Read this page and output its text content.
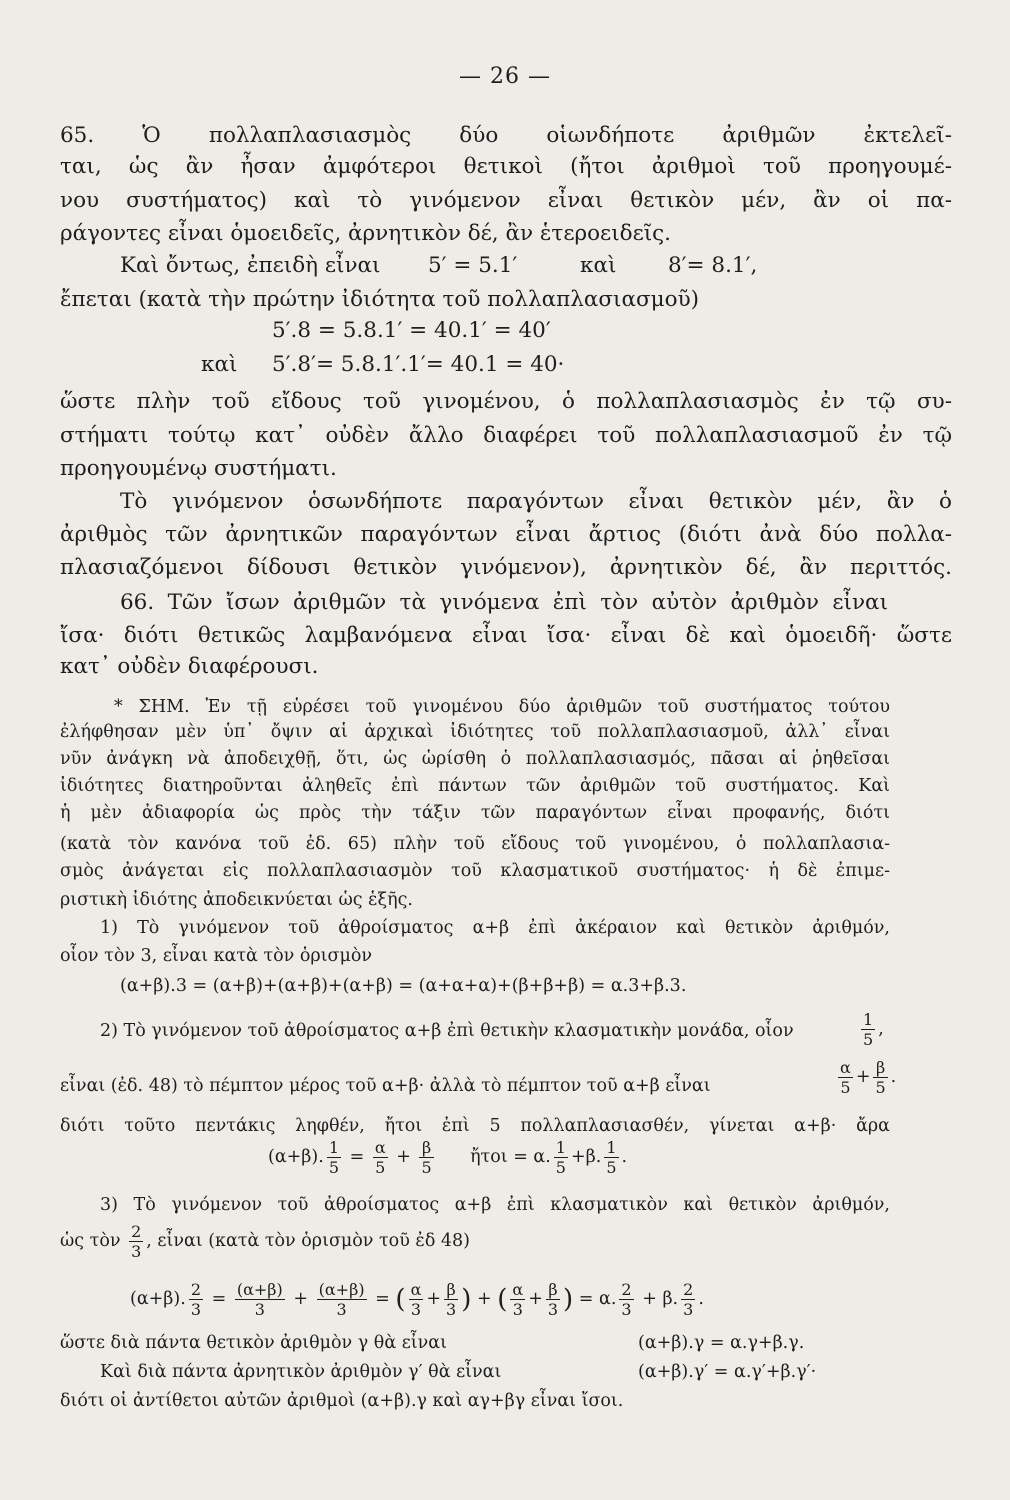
— 26 —
65. Ὁ πολλαπλασιασμὸς δύο οἱωνδήποτε ἀριθμῶν ἐκτελεῖ-
ται, ὡς ἂν ἦσαν ἀμφότεροι θετικοὶ (ἤτοι ἀριθμοὶ τοῦ προηγουμέ-
νου συστήματος) καὶ τὸ γινόμενον εἶναι θετικὸν μέν, ἂν οἱ πα-
ράγοντες εἶναι ὁμοειδεῖς, ἀρνητικὸν δέ, ἂν ἑτεροειδεῖς.
Καὶ ὄντως, ἐπειδὴ εἶναι 5′ = 5.1′	καὶ 8′= 8.1′,
ἔπεται (κατὰ τὴν πρώτην ἰδιότητα τοῦ πολλαπλασιασμοῦ)
5′.8 = 5.8.1′ = 40.1′ = 40′
καὶ 5′.8′= 5.8.1′.1′= 40.1 = 40·
ὥστε πλὴν τοῦ εἴδους τοῦ γινομένου, ὁ πολλαπλασιασμὸς ἐν τῷ συ-
στήματι τούτῳ κατ᾽ οὐδὲν ἄλλο διαφέρει τοῦ πολλαπλασιασμοῦ ἐν τῷ
προηγουμένῳ συστήματι.
Τὸ γινόμενον ὁσωνδήποτε παραγόντων εἶναι θετικὸν μέν, ἂν ὁ
ἀριθμὸς τῶν ἀρνητικῶν παραγόντων εἶναι ἄρτιος (διότι ἀνὰ δύο πολλα-
πλασιαζόμενοι δίδουσι θετικὸν γινόμενον), ἀρνητικὸν δέ, ἂν περιττός.
66. Τῶν ἴσων ἀριθμῶν τὰ γινόμενα ἐπὶ τὸν αὐτὸν ἀριθμὸν εἶναι
ἴσα· διότι θετικῶς λαμβανόμενα εἶναι ἴσα· εἶναι δὲ καὶ ὁμοειδῆ· ὥστε
κατ᾽ οὐδὲν διαφέρουσι.
* ΣΗΜ. Ἐν τῇ εὑρέσει τοῦ γινομένου δύο ἀριθμῶν τοῦ συστήματος τούτου
ἐλήφθησαν μὲν ὑπ᾽ ὄψιν αἱ ἀρχικαὶ ἰδιότητες τοῦ πολλαπλασιασμοῦ, ἀλλ᾽ εἶναι
νῦν ἀνάγκη νὰ ἀποδειχθῇ, ὅτι, ὡς ὡρίσθη ὁ πολλαπλασιασμός, πᾶσαι αἱ ῥηθεῖσαι
ἰδιότητες διατηροῦνται ἀληθεῖς ἐπὶ πάντων τῶν ἀριθμῶν τοῦ συστήματος. Καὶ
ἡ μὲν ἀδιαφορία ὡς πρὸς τὴν τάξιν τῶν παραγόντων εἶναι προφανής, διότι
(κατὰ τὸν κανόνα τοῦ ἐδ. 65) πλὴν τοῦ εἴδους τοῦ γινομένου, ὁ πολλαπλασια-
σμὸς ἀνάγεται εἰς πολλαπλασιασμὸν τοῦ κλασματικοῦ συστήματος· ἡ δὲ ἐπιμε-
ριστικὴ ἰδιότης ἀποδεικνύεται ὡς ἑξῆς.
1) Τὸ γινόμενον τοῦ ἀθροίσματος α+β ἐπὶ ἀκέραιον καὶ θετικὸν ἀριθμόν,
οἷον τὸν 3, εἶναι κατὰ τὸν ὁρισμὸν
(α+β).3 = (α+β)+(α+β)+(α+β) = (α+α+α)+(β+β+β) = α.3+β.3.
2) Τὸ γινόμενον τοῦ ἀθροίσματος α+β ἐπὶ θετικὴν κλασματικὴν μονάδα, οἷον	$\frac{1}{5}$ ,
εἶναι (ἐδ. 48) τὸ πέμπτον μέρος τοῦ α+β· ἀλλὰ τὸ πέμπτον τοῦ α+β εἶναι	$\frac{\alpha}{5} + \frac{\beta}{5}$ .
διότι τοῦτο πεντάκις ληφθέν, ἤτοι ἐπὶ 5 πολλαπλασιασθέν, γίνεται α+β· ἄρα
(α+β). $\frac{1}{5} = \frac{\alpha}{5} + \frac{\beta}{5}$ ἤτοι = α. $\frac{1}{5} +\beta$. $\frac{1}{5}$ .
3) Τὸ γινόμενον τοῦ ἀθροίσματος α+β ἐπὶ κλασματικὸν καὶ θετικὸν ἀριθμόν,
ὡς τὸν $\frac{2}{3}$ , εἶναι (κατὰ τὸν ὁρισμὸν τοῦ ἐδ 48)
(α+β). $\frac{2}{3} = \frac{(\alpha+\beta)}{3} + \frac{(\alpha+\beta)}{3}$ = ( $\frac{\alpha}{3} + \frac{\beta}{3}$ ) + ( $\frac{\alpha}{3} + \frac{\beta}{3}$ ) = α. $\frac{2}{3} + \beta$. $\frac{2}{3}$ .
ὥστε διὰ πάντα θετικὸν ἀριθμὸν γ θὰ εἶναι	(α+β).γ = α.γ+β.γ.
Καὶ διὰ πάντα ἀρνητικὸν ἀριθμὸν γ′ θὰ εἶναι	(α+β).γ′ = α.γ′+β.γ′·
διότι οἱ ἀντίθετοι αὐτῶν ἀριθμοὶ (α+β).γ καὶ αγ+βγ εἶναι ἴσοι.
